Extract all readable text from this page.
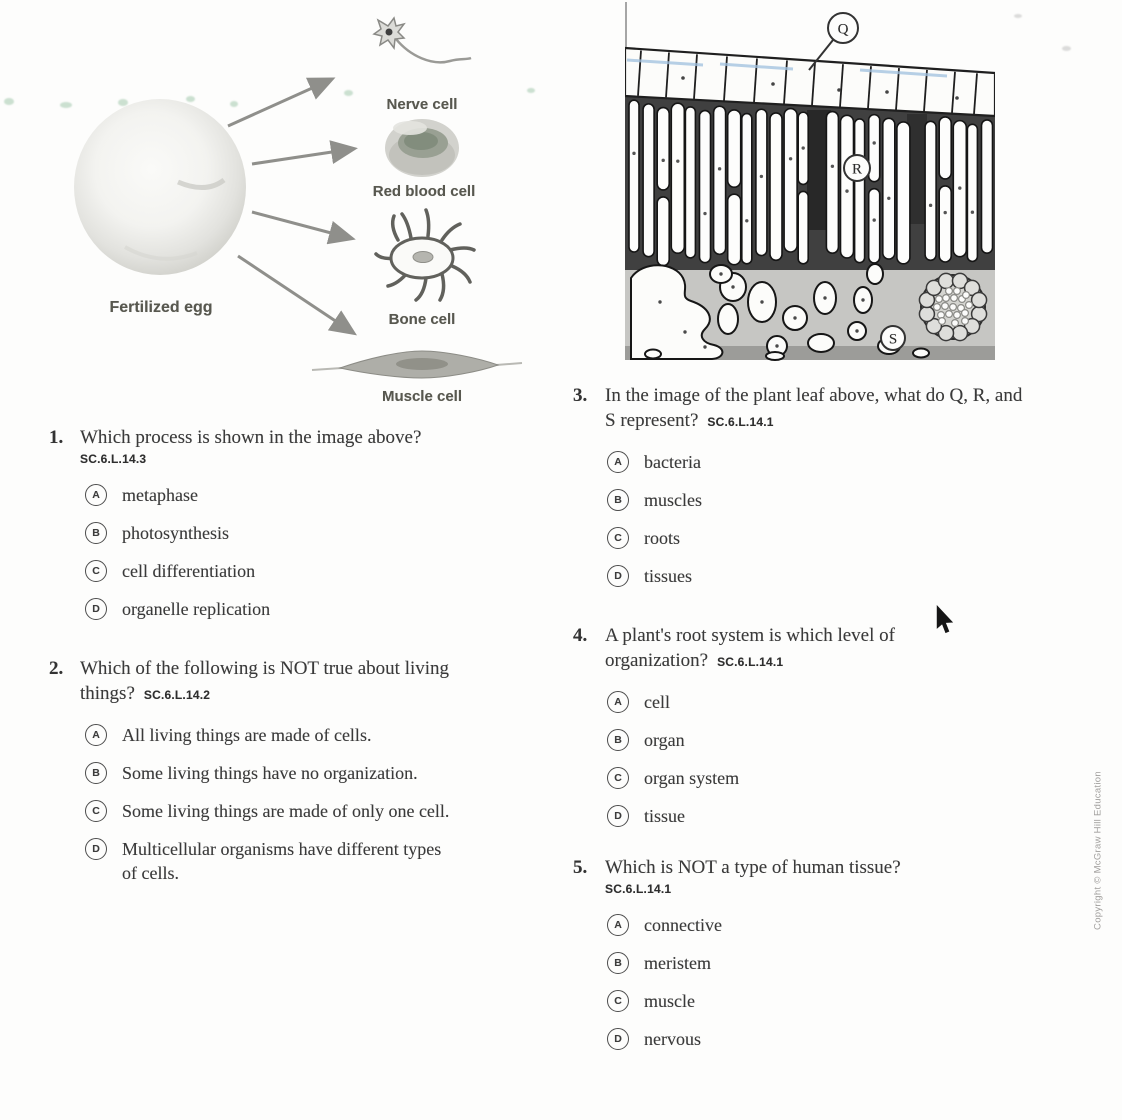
Nerve cell
Red blood cell
Bone cell
Muscle cell
Fertilized egg
Q
R
S
1. Which process is shown in the image above?
SC.6.L.14.3
A	metaphase
B	photosynthesis
C	cell differentiation
D	organelle replication
2. Which of the following is NOT true about living things? SC.6.L.14.2
A	All living things are made of cells.
B	Some living things have no organization.
C	Some living things are made of only one cell.
D	Multicellular organisms have different types of cells.
3. In the image of the plant leaf above, what do Q, R, and S represent? SC.6.L.14.1
A	bacteria
B	muscles
C	roots
D	tissues
4. A plant's root system is which level of organization? SC.6.L.14.1
A	cell
B	organ
C	organ system
D	tissue
5. Which is NOT a type of human tissue?
SC.6.L.14.1
A	connective
B	meristem
C	muscle
D	nervous
Copyright © McGraw Hill Education
